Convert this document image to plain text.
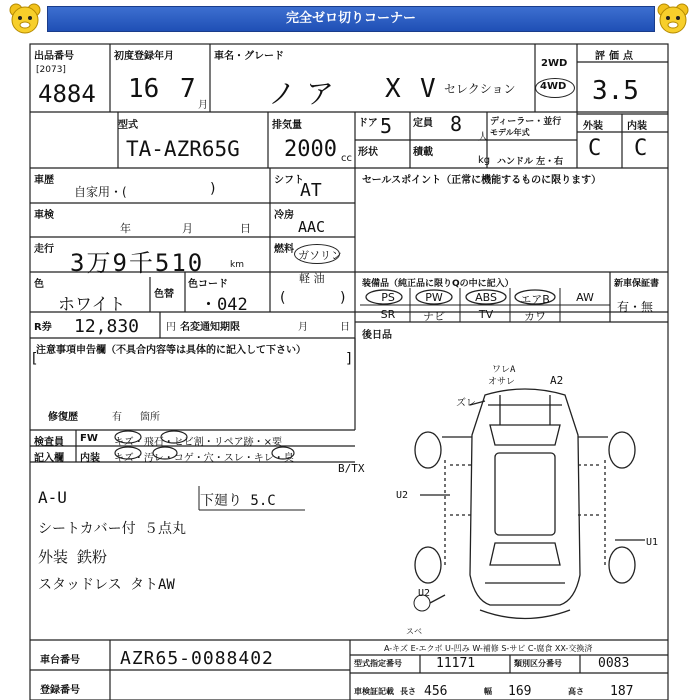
完全ゼロ切りコーナー
出品番号
[2073]
4884
初度登録年月
16 7
月
車名・グレード
ノア X V セレクション
2WD
4WD
評価点
3.5
型式
TA-AZR65G
排気量
2000 cc
ドア 5 定員 8
人
形状	積載
kg
ディーラー・並行
モデル年式
ハンドル 左・右
外装 内装
C C
車歴
自家用・(	)
シフト
AT
車検
年	月	日
冷房
AAC
走行 3万9千510	km
燃料 ガソリン
軽 油
色
ホワイト
色替
色コード
・042 (	)
R券 12,830	円 名変通知期限	月	日
セールスポイント（正常に機能するものに限ります）
装備品（純正品に限りQの中に記入）	新車保証書
有・無
PS	PW	ABS	エアB	AW
SR	ナビ	TV	カワ
後日品
注意事項申告欄（不具合内容等は具体的に記入して下さい）
[	]
修復歴	有 箇所
検査員 FW キズ・飛石・ヒビ割・リペア跡・×要
記入欄 内装 キズ・汚レ・コゲ・穴・スレ・キレ・臭
B/TX
A-U
シートカバー付 ５点丸
外装 鉄粉
スタッドレス タトAW
下廻り 5.C
ワレA
オサレ	A2
ズレ
U2
U1
U2
スベ
車台番号 AZR65-0088402
登録番号
A-キズ E-エクボ U-凹み W-補修 S-サビ C-腐食 XX-交換済
型式指定番号	11171	類別区分番号	0083
車検証記載 長さ 456	幅 169	高さ 187
